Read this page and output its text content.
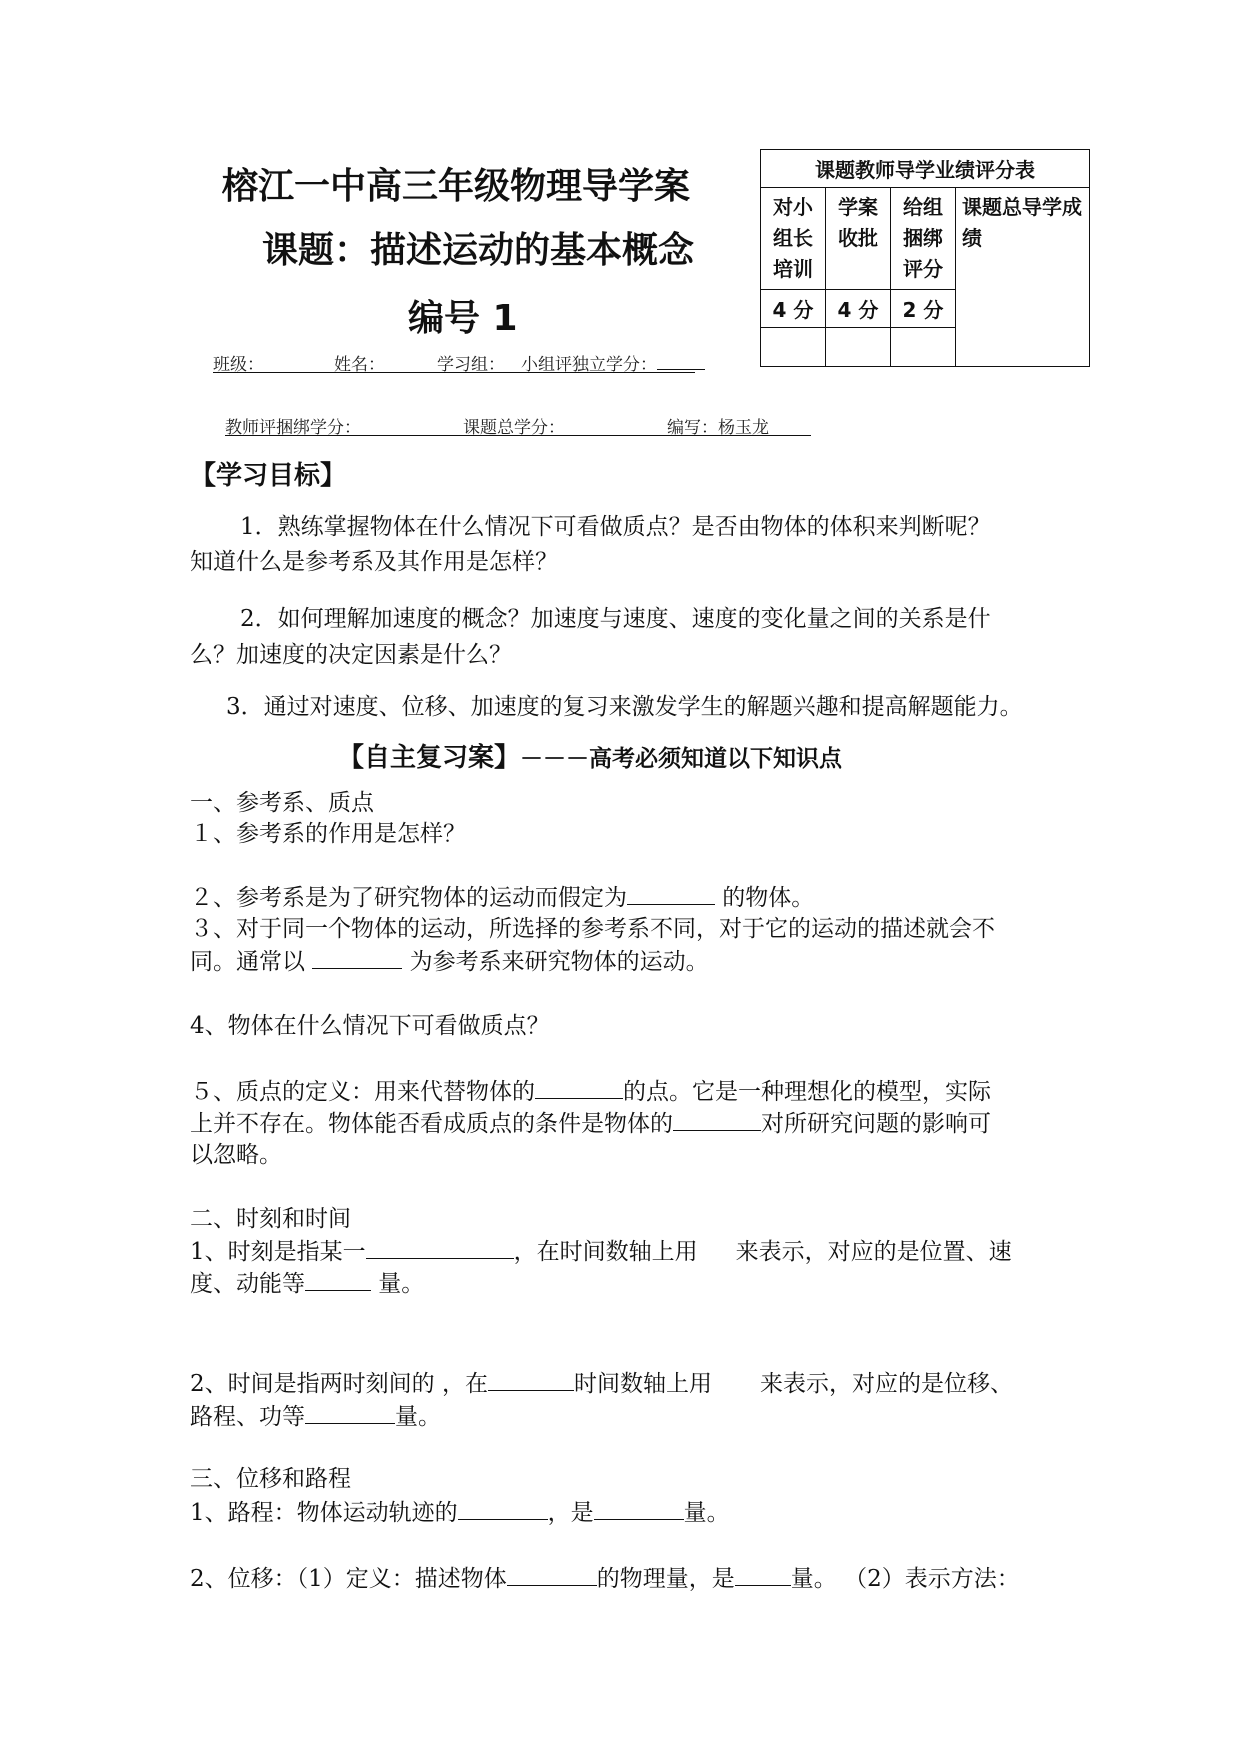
榕江一中高三年级物理导学案
课题：描述运动的基本概念
编号 1
班级：	姓名：	学习组： 小组评独立学分：
教师评捆绑学分：	课题总学分：	编写：杨玉龙
课题教师导学业绩评分表			
对小组长培训	学案收批	给组捆绑评分	课题总导学成绩
4 分	4 分	2 分	

【学习目标】
1．熟练掌握物体在什么情况下可看做质点？是否由物体的体积来判断呢？
知道什么是参考系及其作用是怎样？
2．如何理解加速度的概念？加速度与速度、速度的变化量之间的关系是什
么？加速度的决定因素是什么？
3．通过对速度、位移、加速度的复习来激发学生的解题兴趣和提高解题能力。
【自主复习案】－－－高考必须知道以下知识点
一、参考系、质点
１、参考系的作用是怎样？
２、参考系是为了研究物体的运动而假定为	的物体。
３、对于同一个物体的运动，所选择的参考系不同，对于它的运动的描述就会不
同。通常以	为参考系来研究物体的运动。
4、物体在什么情况下可看做质点？
５、质点的定义：用来代替物体的	的点。它是一种理想化的模型，实际
上并不存在。物体能否看成质点的条件是物体的	对所研究问题的影响可
以忽略。
二、时刻和时间
1、时刻是指某一	，在时间数轴上用 来表示，对应的是位置、速
度、动能等	量。
2、时间是指两时刻间的 ，在	时间数轴上用 来表示，对应的是位移、
路程、功等	量。
三、位移和路程
1、路程：物体运动轨迹的	，是	量。
2、位移：（1）定义：描述物体	的物理量，是 量。 （2）表示方法：
